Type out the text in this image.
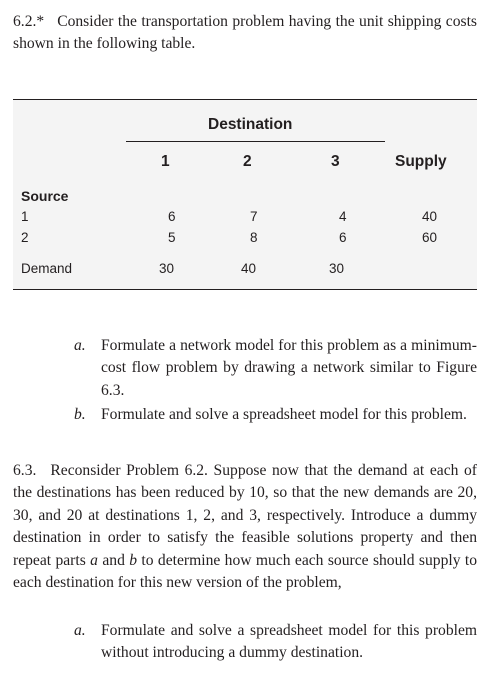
6.2.* Consider the transportation problem having the unit shipping costs shown in the following table.
Destination
1	2	3	Supply
Source
1	6	7	4	40
2	5	8	6	60
Demand	30	40	30
a. Formulate a network model for this problem as a minimum-cost flow problem by drawing a network similar to Figure 6.3.
b. Formulate and solve a spreadsheet model for this problem.
6.3. Reconsider Problem 6.2. Suppose now that the demand at each of the destinations has been reduced by 10, so that the new demands are 20, 30, and 20 at destinations 1, 2, and 3, respectively. Introduce a dummy destination in order to satisfy the feasible solutions property and then repeat parts a and b to determine how much each source should supply to each destination for this new version of the problem,
a. Formulate and solve a spreadsheet model for this problem without introducing a dummy destination.
